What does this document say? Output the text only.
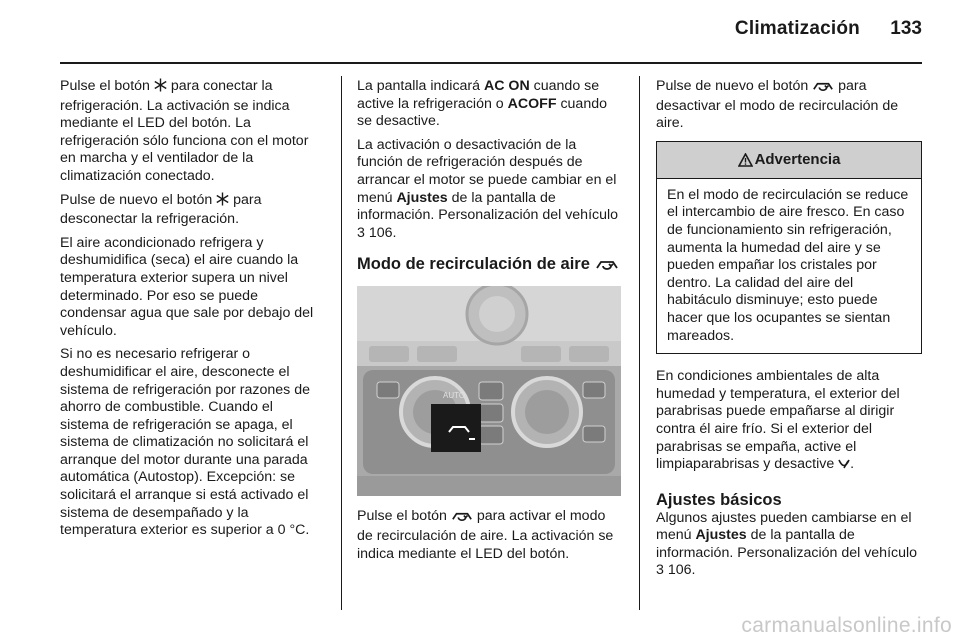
Climatización	133

Pulse el botón  para conectar la refrigeración. La activación se indica mediante el LED del botón. La refrigeración sólo funciona con el motor en marcha y el ventilador de la climatización conectado.

Pulse de nuevo el botón  para desconectar la refrigeración.

El aire acondicionado refrigera y deshumidifica (seca) el aire cuando la temperatura exterior supera un nivel determinado. Por eso se puede condensar agua que sale por debajo del vehículo.

Si no es necesario refrigerar o deshumidificar el aire, desconecte el sistema de refrigeración por razones de ahorro de combustible. Cuando el sistema de refrigeración se apaga, el sistema de climatización no solicitará el arranque del motor durante una parada automática (Autostop). Excepción: se solicitará el arranque si está activado el sistema de desempañado y la temperatura exterior es superior a 0 °C.

La pantalla indicará AC ON cuando se active la refrigeración o ACOFF cuando se desactive.

La activación o desactivación de la función de refrigeración después de arrancar el motor se puede cambiar en el menú Ajustes de la pantalla de información. Personalización del vehículo 3 106.

Modo de recirculación de aire
AUTO

Pulse el botón  para activar el modo de recirculación de aire. La activación se indica mediante el LED del botón.

Pulse de nuevo el botón  para desactivar el modo de recirculación de aire.

Advertencia
En el modo de recirculación se reduce el intercambio de aire fresco. En caso de funcionamiento sin refrigeración, aumenta la humedad del aire y se pueden empañar los cristales por dentro. La calidad del aire del habitáculo disminuye; esto puede hacer que los ocupantes se sientan mareados.

En condiciones ambientales de alta humedad y temperatura, el exterior del parabrisas puede empañarse al dirigir contra él aire frío. Si el exterior del parabrisas se empaña, active el limpiaparabrisas y desactive .

Ajustes básicos

Algunos ajustes pueden cambiarse en el menú Ajustes de la pantalla de información. Personalización del vehículo 3 106.

carmanualsonline.info
